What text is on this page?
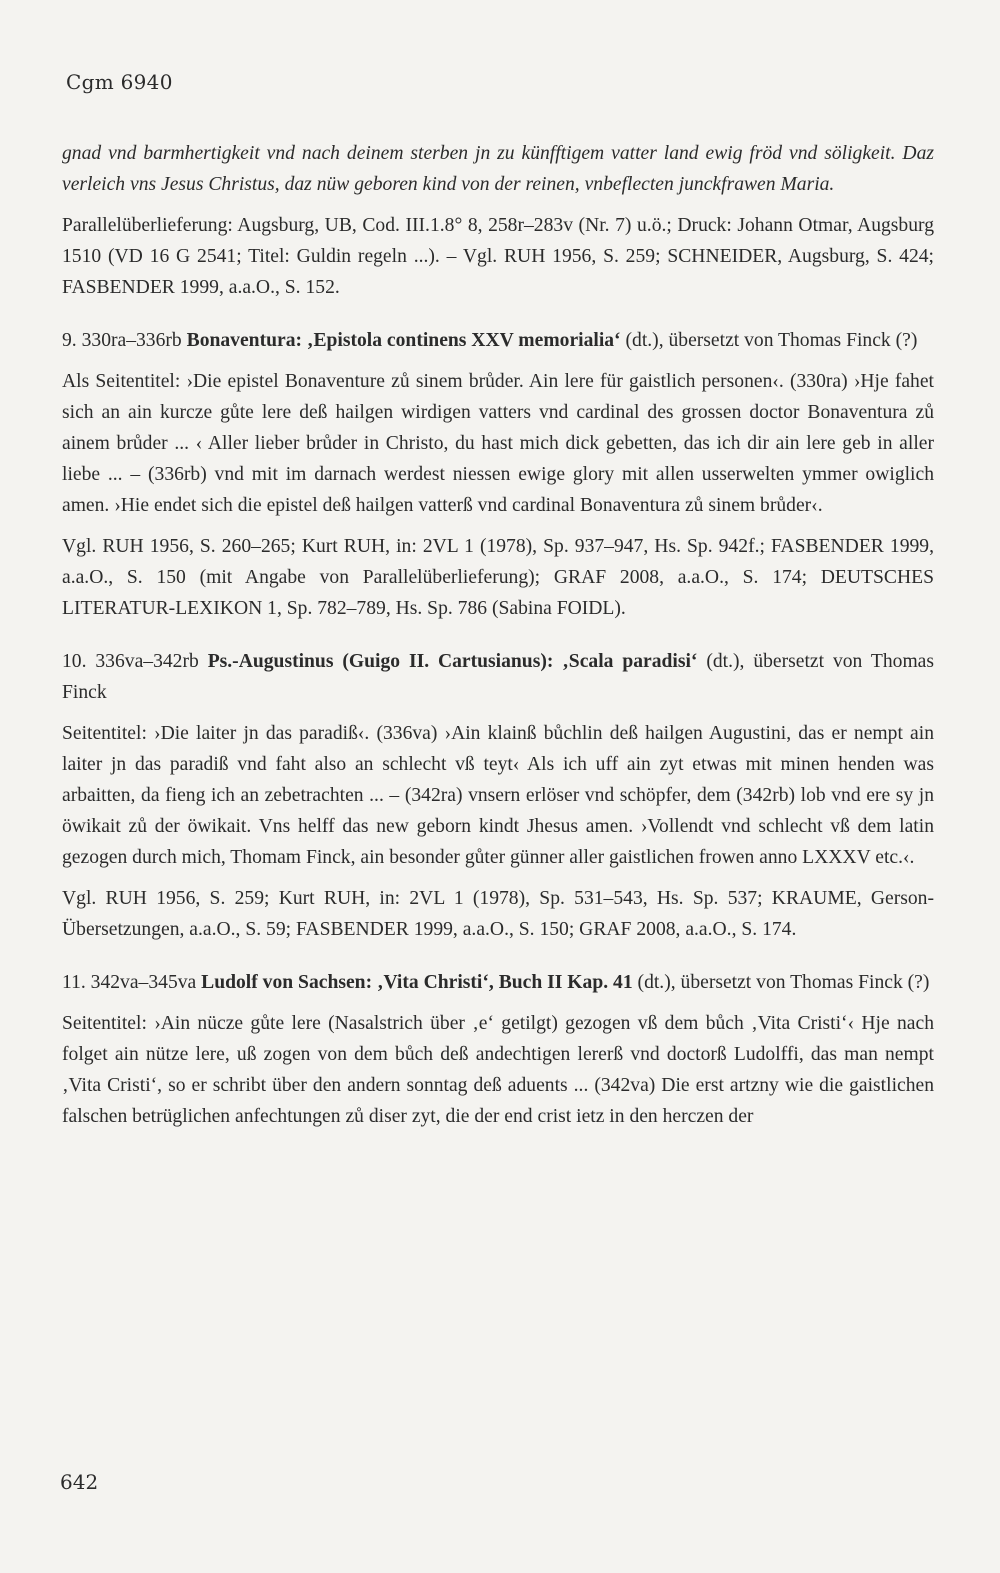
Cgm 6940

gnad vnd barmhertigkeit vnd nach deinem sterben jn zu künfftigem vatter land ewig fröd vnd söligkeit. Daz verleich vns Jesus Christus, daz nüw geboren kind von der reinen, vnbeflecten junckfrawen Maria.

Parallelüberlieferung: Augsburg, UB, Cod. III.1.8° 8, 258r–283v (Nr. 7) u.ö.; Druck: Johann Otmar, Augsburg 1510 (VD 16 G 2541; Titel: Guldin regeln ...). – Vgl. RUH 1956, S. 259; SCHNEIDER, Augsburg, S. 424; FASBENDER 1999, a.a.O., S. 152.

9. 330ra–336rb Bonaventura: ‚Epistola continens XXV memorialia‘ (dt.), übersetzt von Thomas Finck (?)

Als Seitentitel: ›Die epistel Bonaventure zů sinem brůder. Ain lere für gaistlich personen‹. (330ra) ›Hje fahet sich an ain kurcze gůte lere deß hailgen wirdigen vatters vnd cardinal des grossen doctor Bonaventura zů ainem brůder ... ‹ Aller lieber brůder in Christo, du hast mich dick gebetten, das ich dir ain lere geb in aller liebe ... – (336rb) vnd mit im darnach werdest niessen ewige glory mit allen usserwelten ymmer owiglich amen. ›Hie endet sich die epistel deß hailgen vatterß vnd cardinal Bonaventura zů sinem brůder‹.

Vgl. RUH 1956, S. 260–265; Kurt RUH, in: 2VL 1 (1978), Sp. 937–947, Hs. Sp. 942f.; FASBENDER 1999, a.a.O., S. 150 (mit Angabe von Parallelüberlieferung); GRAF 2008, a.a.O., S. 174; DEUTSCHES LITERATUR-LEXIKON 1, Sp. 782–789, Hs. Sp. 786 (Sabina FOIDL).

10. 336va–342rb Ps.-Augustinus (Guigo II. Cartusianus): ‚Scala paradisi‘ (dt.), übersetzt von Thomas Finck

Seitentitel: ›Die laiter jn das paradiß‹. (336va) ›Ain klainß bůchlin deß hailgen Augustini, das er nempt ain laiter jn das paradiß vnd faht also an schlecht vß teyt‹ Als ich uff ain zyt etwas mit minen henden was arbaitten, da fieng ich an zebetrachten ... – (342ra) vnsern erlöser vnd schöpfer, dem (342rb) lob vnd ere sy jn öwikait zů der öwikait. Vns helff das new geborn kindt Jhesus amen. ›Vollendt vnd schlecht vß dem latin gezogen durch mich, Thomam Finck, ain besonder gůter günner aller gaistlichen frowen anno LXXXV etc.‹.

Vgl. RUH 1956, S. 259; Kurt RUH, in: 2VL 1 (1978), Sp. 531–543, Hs. Sp. 537; KRAUME, Gerson-Übersetzungen, a.a.O., S. 59; FASBENDER 1999, a.a.O., S. 150; GRAF 2008, a.a.O., S. 174.

11. 342va–345va Ludolf von Sachsen: ‚Vita Christi‘, Buch II Kap. 41 (dt.), übersetzt von Thomas Finck (?)

Seitentitel: ›Ain nücze gůte lere (Nasalstrich über ‚e‘ getilgt) gezogen vß dem bůch ‚Vita Cristi‘‹ Hje nach folget ain nütze lere, uß zogen von dem bůch deß andechtigen lererß vnd doctorß Ludolffi, das man nempt ‚Vita Cristi‘, so er schribt über den andern sonntag deß aduents ... (342va) Die erst artzny wie die gaistlichen falschen betrüglichen anfechtungen zů diser zyt, die der end crist ietz in den herczen der

642
